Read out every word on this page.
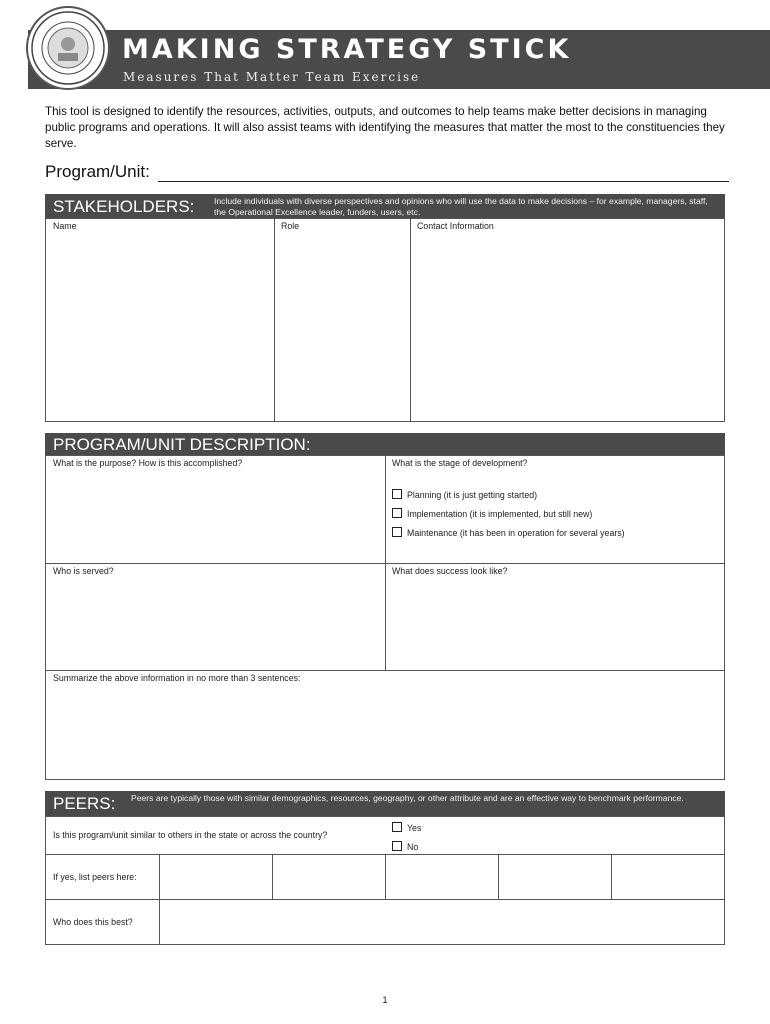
MAKING STRATEGY STICK
Measures That Matter Team Exercise
This tool is designed to identify the resources, activities, outputs, and outcomes to help teams make better decisions in managing public programs and operations. It will also assist teams with identifying the measures that matter the most to the constituencies they serve.
Program/Unit:
STAKEHOLDERS: Include individuals with diverse perspectives and opinions who will use the data to make decisions – for example, managers, staff, the Operational Excellence leader, funders, users, etc.
Name	Role	Contact Information
PROGRAM/UNIT DESCRIPTION:
What is the purpose? How is this accomplished?	What is the stage of development?
Planning (it is just getting started)
Implementation (it is implemented, but still new)
Maintenance (it has been in operation for several years)
Who is served?	What does success look like?
Summarize the above information in no more than 3 sentences:
PEERS: Peers are typically those with similar demographics, resources, geography, or other attribute and are an effective way to benchmark performance.
Is this program/unit similar to others in the state or across the country?
Yes
No
If yes, list peers here:
Who does this best?
1
